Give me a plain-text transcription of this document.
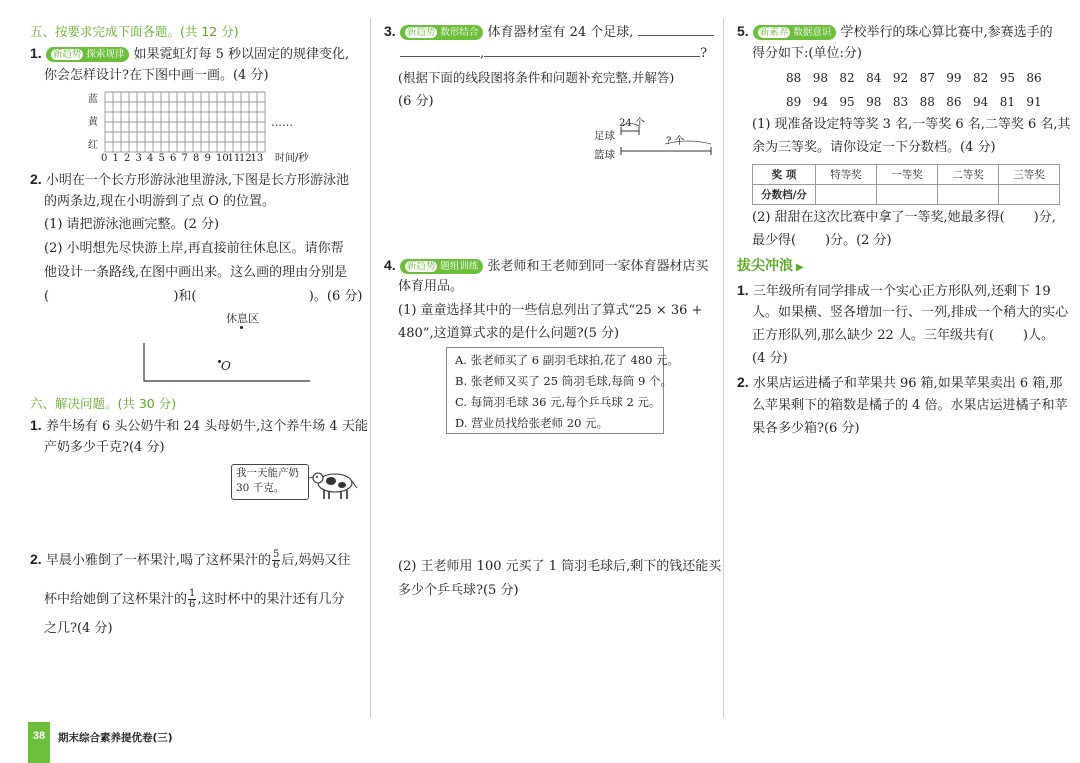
五、按要求完成下面各题。(共 12 分)
1. 新趋势 探索规律 如果霓虹灯每 5 秒以固定的规律变化,
你会怎样设计?在下图中画一画。(4 分)
蓝
黄
红
……
0 1 2 3 4 5 6 7 8 9 10
11
12
13 时间/秒
2. 小明在一个长方形游泳池里游泳,下图是长方形游泳池
的两条边,现在小明游到了点 O 的位置。
(1) 请把游泳池画完整。(2 分)
(2) 小明想先尽快游上岸,再直接前往休息区。请你帮
他设计一条路线,在图中画出来。这么画的理由分别是
(	)和(	)。(6 分)
休息区
O
六、解决问题。(共 30 分)
1. 养牛场有 6 头公奶牛和 24 头母奶牛,这个养牛场 4 天能
产奶多少千克?(4 分)
我一天能产奶
30 千克。
2. 早晨小雅倒了一杯果汁,喝了这杯果汁的 $\frac{5}{6}$ 后,妈妈又往
杯中给她倒了这杯果汁的 $\frac{1}{6}$ ,这时杯中的果汁还有几分
之几?(4 分)
3. 新趋势 数形结合 体育器材室有 24 个足球,
,	?
(根据下面的线段图将条件和问题补充完整,并解答)
(6 分)
24 个
足球
篮球
? 个
4. 新趋势 题组训练 张老师和王老师到同一家体育器材店买
体育用品。
(1) 童童选择其中的一些信息列出了算式“25 × 36 +
480”,这道算式求的是什么问题?(5 分)
A. 张老师买了 6 副羽毛球拍,花了 480 元。
B. 张老师又买了 25 筒羽毛球,每筒 9 个。
C. 每筒羽毛球 36 元,每个乒乓球 2 元。
D. 营业员找给张老师 20 元。
(2) 王老师用 100 元买了 1 筒羽毛球后,剩下的钱还能买
多少个乒乓球?(5 分)
5. 新素养 数据意识 学校举行的珠心算比赛中,参赛选手的
得分如下:(单位:分)
88   98   82   84   92   87   99   82   95   86
89   94   95   98   83   88   86   94   81   91
(1) 现准备设定特等奖 3 名,一等奖 6 名,二等奖 6 名,其
余为三等奖。请你设定一下分数档。(4 分)
奖 项	特等奖	一等奖	二等奖	三等奖
分数档/分				
(2) 甜甜在这次比赛中拿了一等奖,她最多得(       )分,
最少得(       )分。(2 分)
拔尖冲浪 ▶
1. 三年级所有同学排成一个实心正方形队列,还剩下 19
人。如果横、竖各增加一行、一列,排成一个稍大的实心
正方形队列,那么缺少 22 人。三年级共有(       )人。
(4 分)
2. 水果店运进橘子和苹果共 96 箱,如果苹果卖出 6 箱,那
么苹果剩下的箱数是橘子的 4 倍。水果店运进橘子和苹
果各多少箱?(6 分)
38	期末综合素养提优卷(三)
